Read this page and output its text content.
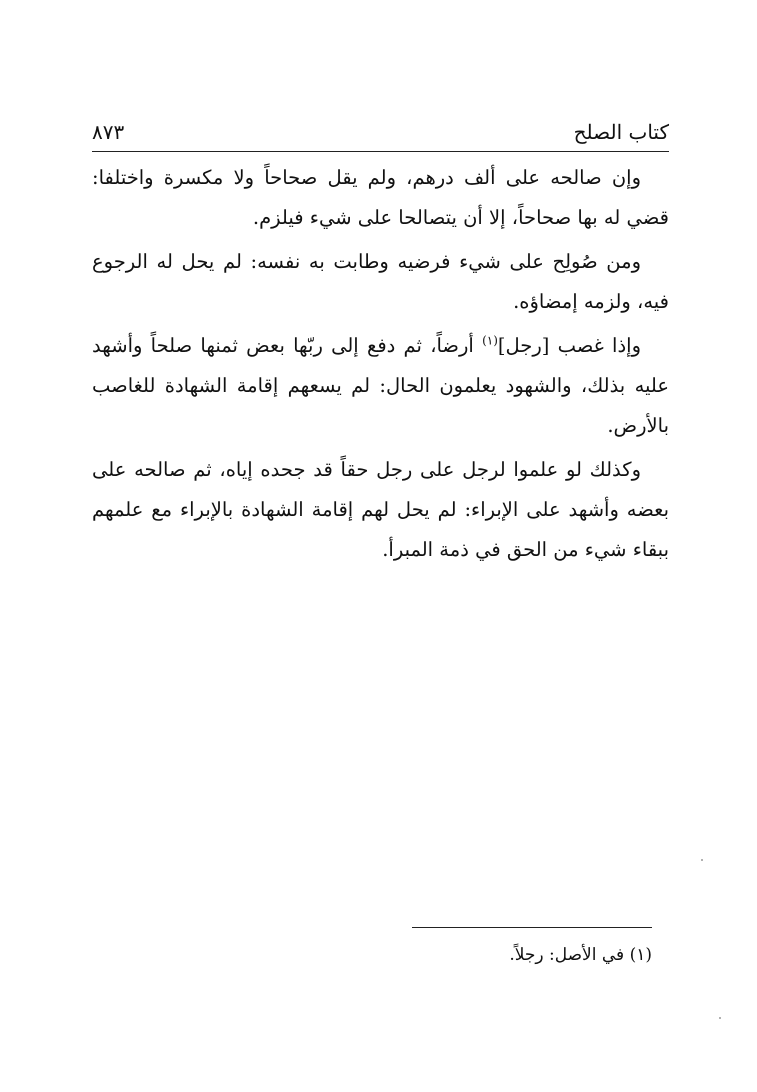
كتاب الصلح
٨٧٣

وإن صالحه على ألف درهم، ولم يقل صحاحاً ولا مكسرة واختلفا: قضي له بها صحاحاً، إلا أن يتصالحا على شيء فيلزم.

ومن صُولِح على شيء فرضيه وطابت به نفسه: لم يحل له الرجوع فيه، ولزمه إمضاؤه.

وإذا غصب [رجل]$^{(١)}$ أرضاً، ثم دفع إلى ربّها بعض ثمنها صلحاً وأشهد عليه بذلك، والشهود يعلمون الحال: لم يسعهم إقامة الشهادة للغاصب بالأرض.

وكذلك لو علموا لرجل على رجل حقاً قد جحده إياه، ثم صالحه على بعضه وأشهد على الإبراء: لم يحل لهم إقامة الشهادة بالإبراء مع علمهم ببقاء شيء من الحق في ذمة المبرأ.

(١) في الأصل: رجلاً.
